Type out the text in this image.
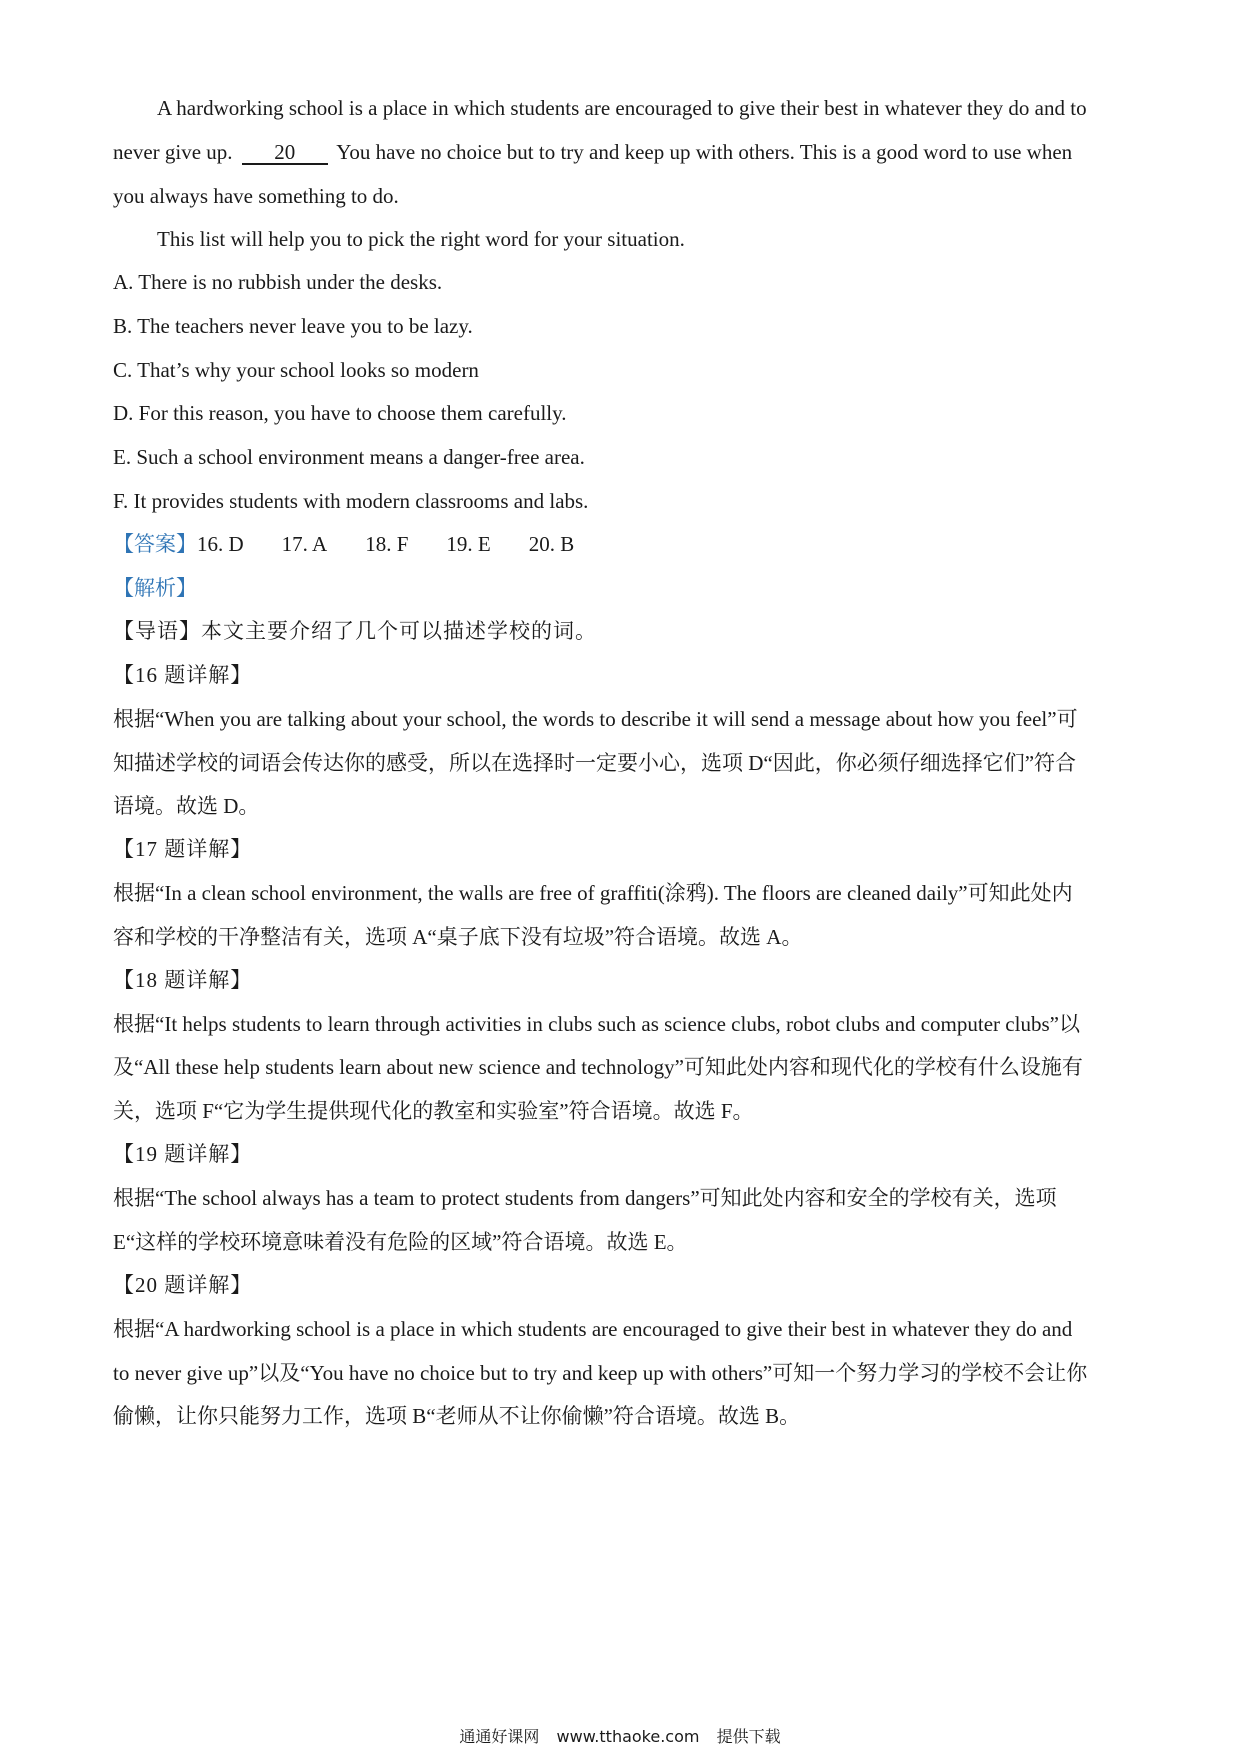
A hardworking school is a place in which students are encouraged to give their best in whatever they do and to
never give up. 20 You have no choice but to try and keep up with others. This is a good word to use when
you always have something to do.
This list will help you to pick the right word for your situation.
A. There is no rubbish under the desks.
B. The teachers never leave you to be lazy.
C. That’s why your school looks so modern
D. For this reason, you have to choose them carefully.
E. Such a school environment means a danger-free area.
F. It provides students with modern classrooms and labs.
【答案】16. D 17. A 18. F 19. E 20. B
【解析】
【导语】本文主要介绍了几个可以描述学校的词。
【16 题详解】
根据“When you are talking about your school, the words to describe it will send a message about how you feel”可
知描述学校的词语会传达你的感受，所以在选择时一定要小心，选项 D“因此，你必须仔细选择它们”符合
语境。故选 D。
【17 题详解】
根据“In a clean school environment, the walls are free of graffiti(涂鸦). The floors are cleaned daily”可知此处内
容和学校的干净整洁有关，选项 A“桌子底下没有垃圾”符合语境。故选 A。
【18 题详解】
根据“It helps students to learn through activities in clubs such as science clubs, robot clubs and computer clubs”以
及“All these help students learn about new science and technology”可知此处内容和现代化的学校有什么设施有
关，选项 F“它为学生提供现代化的教室和实验室”符合语境。故选 F。
【19 题详解】
根据“The school always has a team to protect students from dangers”可知此处内容和安全的学校有关，选项
E“这样的学校环境意味着没有危险的区域”符合语境。故选 E。
【20 题详解】
根据“A hardworking school is a place in which students are encouraged to give their best in whatever they do and
to never give up”以及“You have no choice but to try and keep up with others”可知一个努力学习的学校不会让你
偷懒，让你只能努力工作，选项 B“老师从不让你偷懒”符合语境。故选 B。
通通好课网 www.tthaoke.com 提供下载
